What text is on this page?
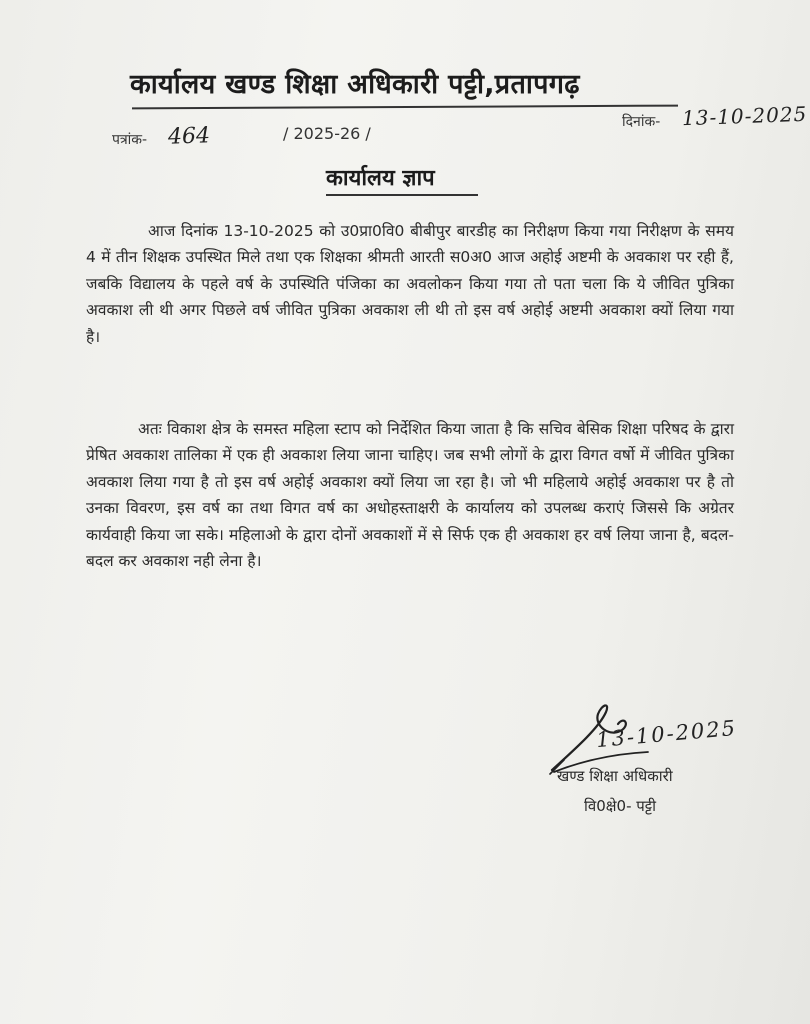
कार्यालय खण्ड शिक्षा अधिकारी पट्टी,प्रतापगढ़
पत्रांक- 464	/ 2025-26 /
दिनांक- 13-10-2025
कार्यालय ज्ञाप

आज दिनांक 13-10-2025 को उ0प्रा0वि0 बीबीपुर बारडीह का निरीक्षण किया गया निरीक्षण के समय 4 में तीन शिक्षक उपस्थित मिले तथा एक शिक्षका श्रीमती आरती स0अ0 आज अहोई अष्टमी के अवकाश पर रही हैं, जबकि विद्यालय के पहले वर्ष के उपस्थिति पंजिका का अवलोकन किया गया तो पता चला कि ये जीवित पुत्रिका अवकाश ली थी अगर पिछले वर्ष जीवित पुत्रिका अवकाश ली थी तो इस वर्ष अहोई अष्टमी अवकाश क्यों लिया गया है।

अतः विकाश क्षेत्र के समस्त महिला स्टाप को निर्देशित किया जाता है कि सचिव बेसिक शिक्षा परिषद के द्वारा प्रेषित अवकाश तालिका में एक ही अवकाश लिया जाना चाहिए। जब सभी लोगों के द्वारा विगत वर्षो में जीवित पुत्रिका अवकाश लिया गया है तो इस वर्ष अहोई अवकाश क्यों लिया जा रहा है। जो भी महिलाये अहोई अवकाश पर है तो उनका विवरण, इस वर्ष का तथा विगत वर्ष का अधोहस्ताक्षरी के कार्यालय को उपलब्ध कराएं जिससे कि अग्रेतर कार्यवाही किया जा सके। महिलाओ के द्वारा दोनों अवकाशों में से सिर्फ एक ही अवकाश हर वर्ष लिया जाना है, बदल-बदल कर अवकाश नही लेना है।

13-10-2025
खण्ड शिक्षा अधिकारी
वि0क्षे0- पट्टी
